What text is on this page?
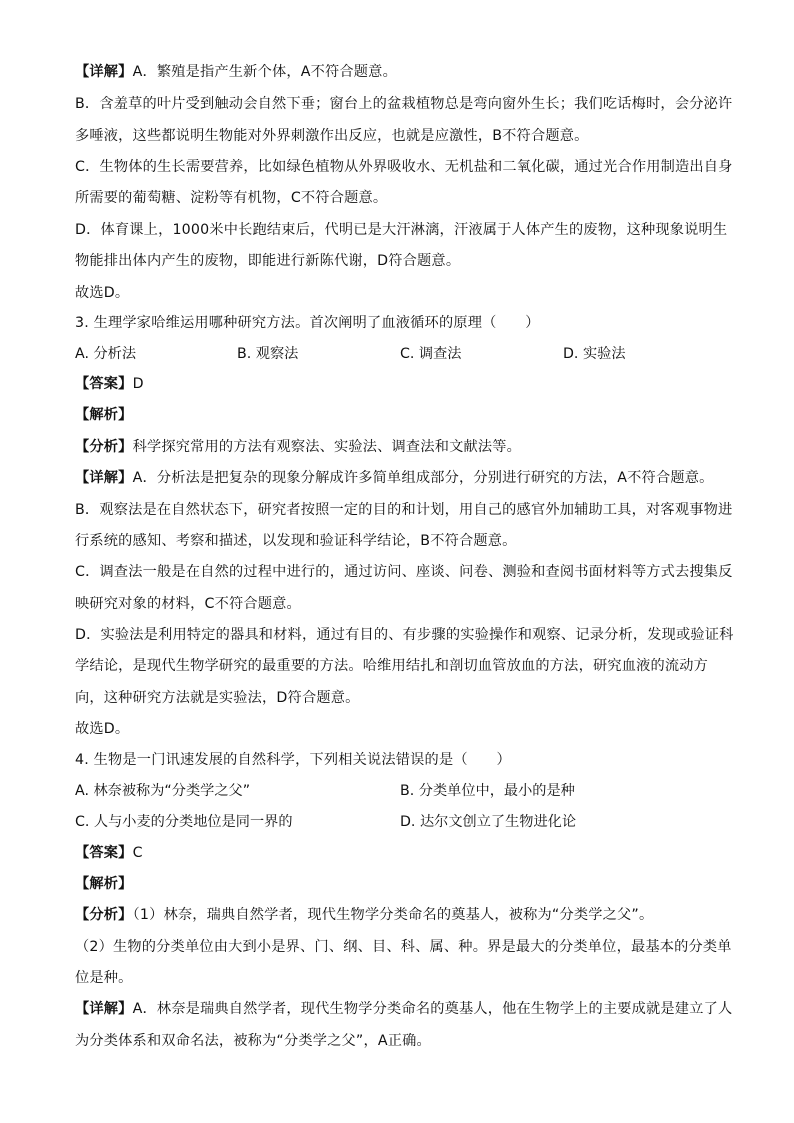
【详解】A．繁殖是指产生新个体，A不符合题意。
B．含羞草的叶片受到触动会自然下垂；窗台上的盆栽植物总是弯向窗外生长；我们吃话梅时，会分泌许
多唾液，这些都说明生物能对外界刺激作出反应，也就是应激性，B不符合题意。
C．生物体的生长需要营养，比如绿色植物从外界吸收水、无机盐和二氧化碳，通过光合作用制造出自身
所需要的葡萄糖、淀粉等有机物，C不符合题意。
D．体育课上，1000米中长跑结束后，代明已是大汗淋漓，汗液属于人体产生的废物，这种现象说明生
物能排出体内产生的废物，即能进行新陈代谢，D符合题意。
故选D。
3. 生理学家哈维运用哪种研究方法。首次阐明了血液循环的原理（　　）
A. 分析法	B. 观察法	C. 调查法	D. 实验法
【答案】D
【解析】
【分析】科学探究常用的方法有观察法、实验法、调查法和文献法等。
【详解】A．分析法是把复杂的现象分解成许多简单组成部分，分别进行研究的方法，A不符合题意。
B．观察法是在自然状态下，研究者按照一定的目的和计划，用自己的感官外加辅助工具，对客观事物进
行系统的感知、考察和描述，以发现和验证科学结论，B不符合题意。
C．调查法一般是在自然的过程中进行的，通过访问、座谈、问卷、测验和查阅书面材料等方式去搜集反
映研究对象的材料，C不符合题意。
D．实验法是利用特定的器具和材料，通过有目的、有步骤的实验操作和观察、记录分析，发现或验证科
学结论，是现代生物学研究的最重要的方法。哈维用结扎和剖切血管放血的方法，研究血液的流动方
向，这种研究方法就是实验法，D符合题意。
故选D。
4. 生物是一门讯速发展的自然科学，下列相关说法错误的是（　　）
A. 林奈被称为“分类学之父”	B. 分类单位中，最小的是种
C. 人与小麦的分类地位是同一界的	D. 达尔文创立了生物进化论
【答案】C
【解析】
【分析】（1）林奈，瑞典自然学者，现代生物学分类命名的奠基人，被称为“分类学之父”。
（2）生物的分类单位由大到小是界、门、纲、目、科、属、种。界是最大的分类单位，最基本的分类单
位是种。
【详解】A．林奈是瑞典自然学者，现代生物学分类命名的奠基人，他在生物学上的主要成就是建立了人
为分类体系和双命名法，被称为“分类学之父”，A正确。
